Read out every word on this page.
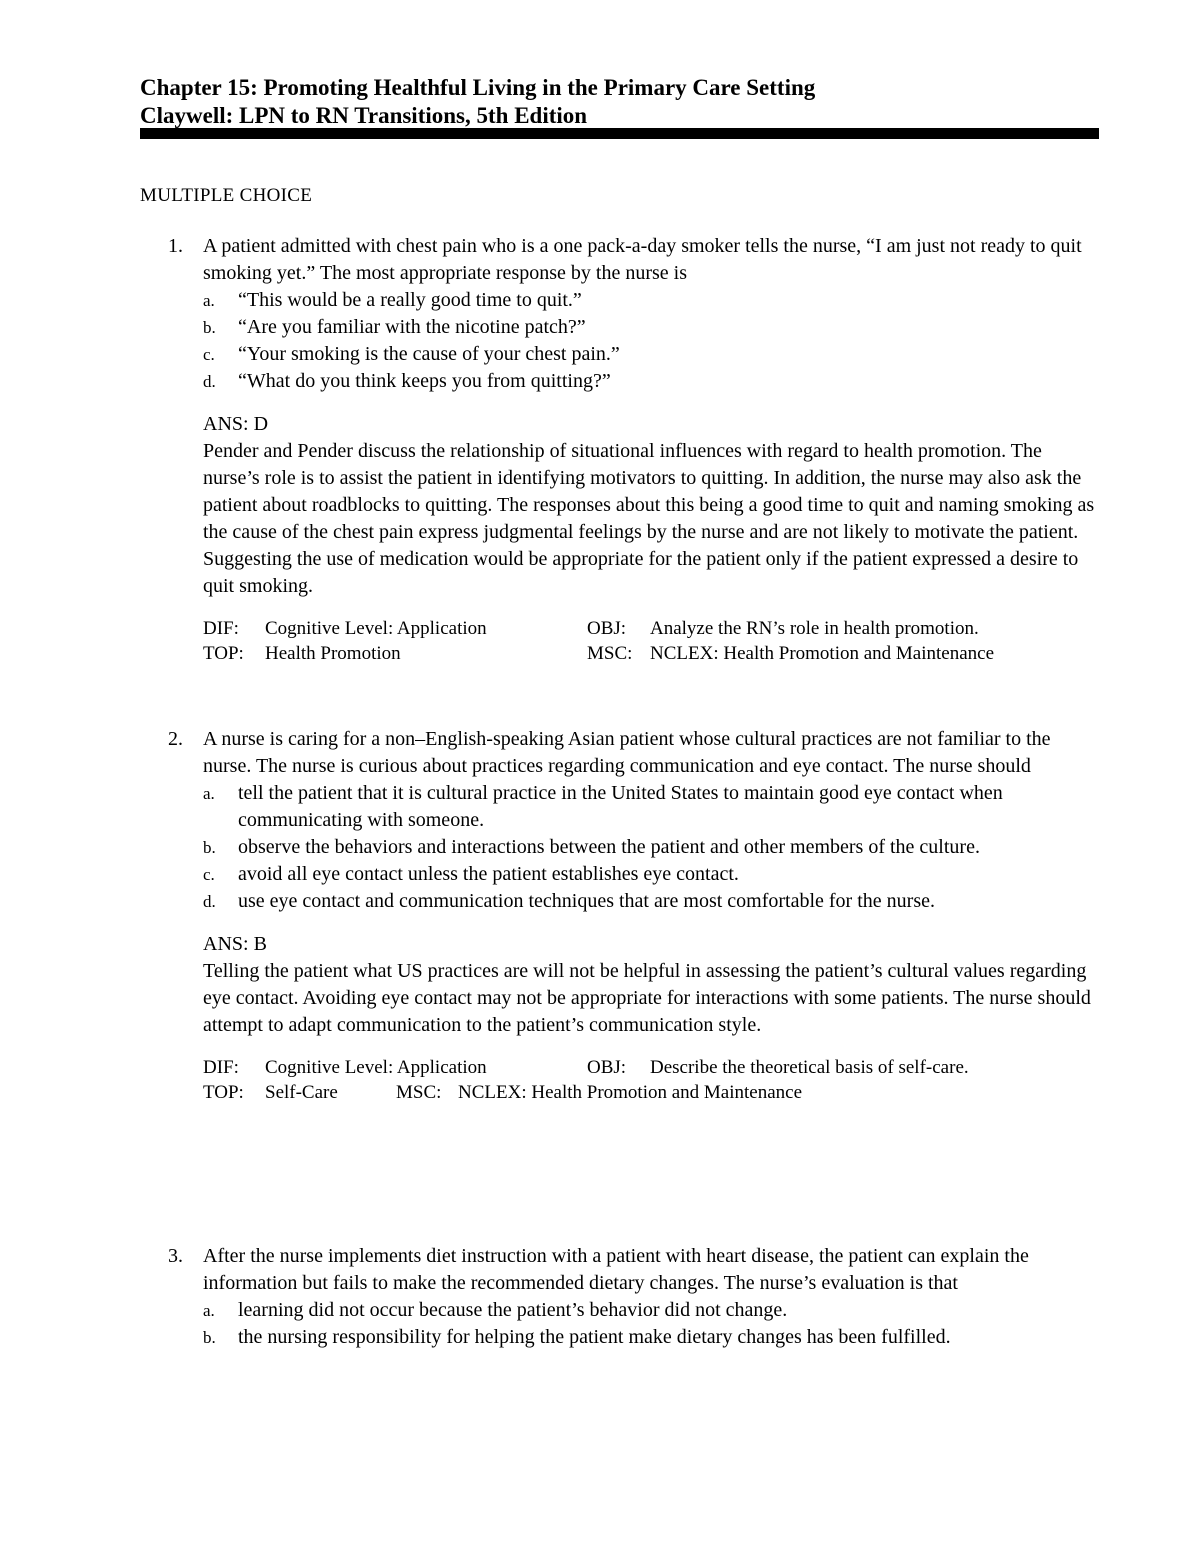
Chapter 15: Promoting Healthful Living in the Primary Care Setting
Claywell: LPN to RN Transitions, 5th Edition
MULTIPLE CHOICE
1.	A patient admitted with chest pain who is a one pack-a-day smoker tells the nurse, “I am just not ready to quit smoking yet.” The most appropriate response by the nurse is
a. “This would be a really good time to quit.”
b. “Are you familiar with the nicotine patch?”
c. “Your smoking is the cause of your chest pain.”
d. “What do you think keeps you from quitting?”
ANS: D
Pender and Pender discuss the relationship of situational influences with regard to health promotion. The nurse’s role is to assist the patient in identifying motivators to quitting. In addition, the nurse may also ask the patient about roadblocks to quitting. The responses about this being a good time to quit and naming smoking as the cause of the chest pain express judgmental feelings by the nurse and are not likely to motivate the patient. Suggesting the use of medication would be appropriate for the patient only if the patient expressed a desire to quit smoking.
DIF: Cognitive Level: Application	OBJ: Analyze the RN’s role in health promotion.
TOP: Health Promotion	MSC: NCLEX: Health Promotion and Maintenance
2.	A nurse is caring for a non–English-speaking Asian patient whose cultural practices are not familiar to the nurse. The nurse is curious about practices regarding communication and eye contact. The nurse should
a. tell the patient that it is cultural practice in the United States to maintain good eye contact when communicating with someone.
b. observe the behaviors and interactions between the patient and other members of the culture.
c. avoid all eye contact unless the patient establishes eye contact.
d. use eye contact and communication techniques that are most comfortable for the nurse.
ANS: B
Telling the patient what US practices are will not be helpful in assessing the patient’s cultural values regarding eye contact. Avoiding eye contact may not be appropriate for interactions with some patients. The nurse should attempt to adapt communication to the patient’s communication style.
DIF: Cognitive Level: Application	OBJ: Describe the theoretical basis of self-care.
TOP: Self-Care	MSC: NCLEX: Health Promotion and Maintenance
3.	After the nurse implements diet instruction with a patient with heart disease, the patient can explain the information but fails to make the recommended dietary changes. The nurse’s evaluation is that
a. learning did not occur because the patient’s behavior did not change.
b. the nursing responsibility for helping the patient make dietary changes has been fulfilled.
